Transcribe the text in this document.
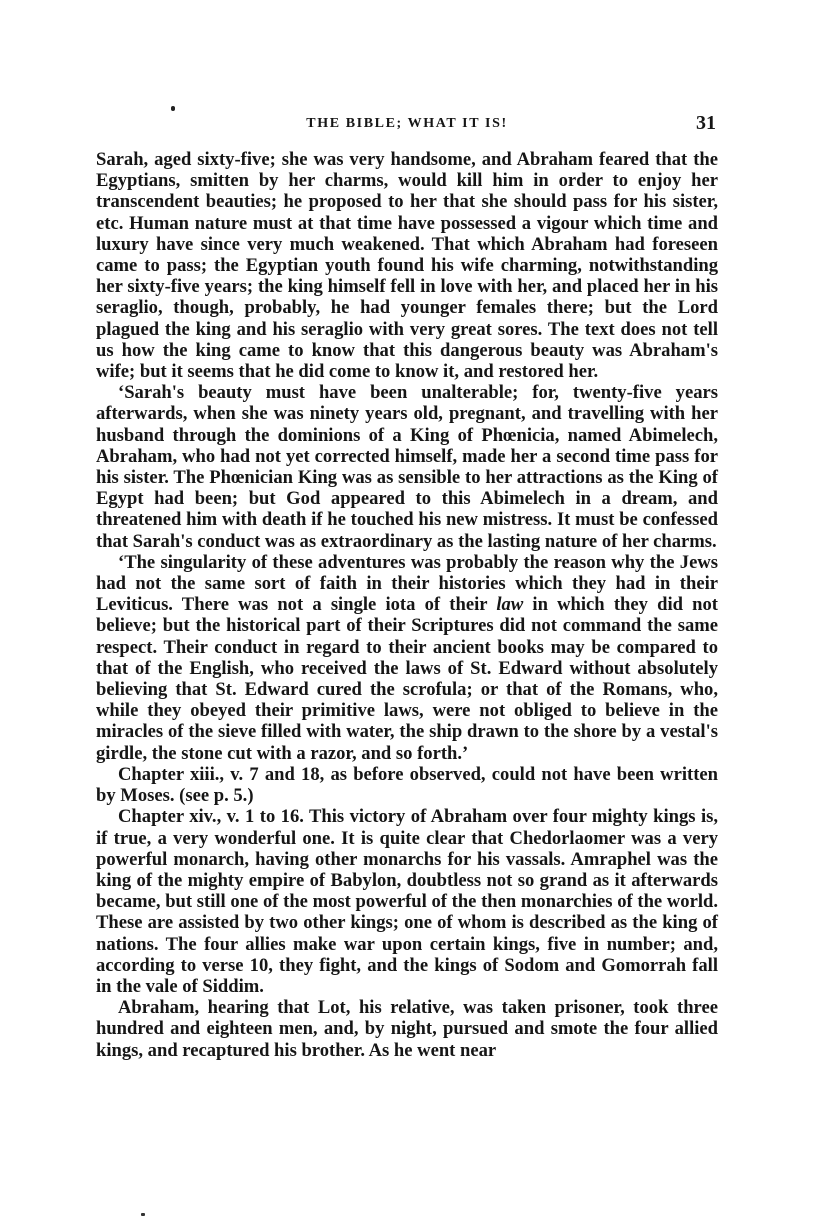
THE BIBLE; WHAT IT IS!	31

Sarah, aged sixty-five; she was very handsome, and Abraham feared that the Egyptians, smitten by her charms, would kill him in order to enjoy her transcendent beauties; he proposed to her that she should pass for his sister, etc. Human nature must at that time have possessed a vigour which time and luxury have since very much weakened. That which Abraham had foreseen came to pass; the Egyptian youth found his wife charming, notwithstanding her sixty-five years; the king himself fell in love with her, and placed her in his seraglio, though, probably, he had younger females there; but the Lord plagued the king and his seraglio with very great sores. The text does not tell us how the king came to know that this dangerous beauty was Abraham's wife; but it seems that he did come to know it, and restored her.

‘Sarah's beauty must have been unalterable; for, twenty-five years afterwards, when she was ninety years old, pregnant, and travelling with her husband through the dominions of a King of Phœnicia, named Abimelech, Abraham, who had not yet corrected himself, made her a second time pass for his sister. The Phœnician King was as sensible to her attractions as the King of Egypt had been; but God appeared to this Abimelech in a dream, and threatened him with death if he touched his new mistress. It must be confessed that Sarah's conduct was as extraordinary as the lasting nature of her charms.

‘The singularity of these adventures was probably the reason why the Jews had not the same sort of faith in their histories which they had in their Leviticus. There was not a single iota of their law in which they did not believe; but the historical part of their Scriptures did not command the same respect. Their conduct in regard to their ancient books may be compared to that of the English, who received the laws of St. Edward without absolutely believing that St. Edward cured the scrofula; or that of the Romans, who, while they obeyed their primitive laws, were not obliged to believe in the miracles of the sieve filled with water, the ship drawn to the shore by a vestal's girdle, the stone cut with a razor, and so forth.’

Chapter xiii., v. 7 and 18, as before observed, could not have been written by Moses. (see p. 5.)

Chapter xiv., v. 1 to 16. This victory of Abraham over four mighty kings is, if true, a very wonderful one. It is quite clear that Chedorlaomer was a very powerful monarch, having other monarchs for his vassals. Amraphel was the king of the mighty empire of Babylon, doubtless not so grand as it afterwards became, but still one of the most powerful of the then monarchies of the world. These are assisted by two other kings; one of whom is described as the king of nations. The four allies make war upon certain kings, five in number; and, according to verse 10, they fight, and the kings of Sodom and Gomorrah fall in the vale of Siddim.

Abraham, hearing that Lot, his relative, was taken prisoner, took three hundred and eighteen men, and, by night, pursued and smote the four allied kings, and recaptured his brother. As he went near
